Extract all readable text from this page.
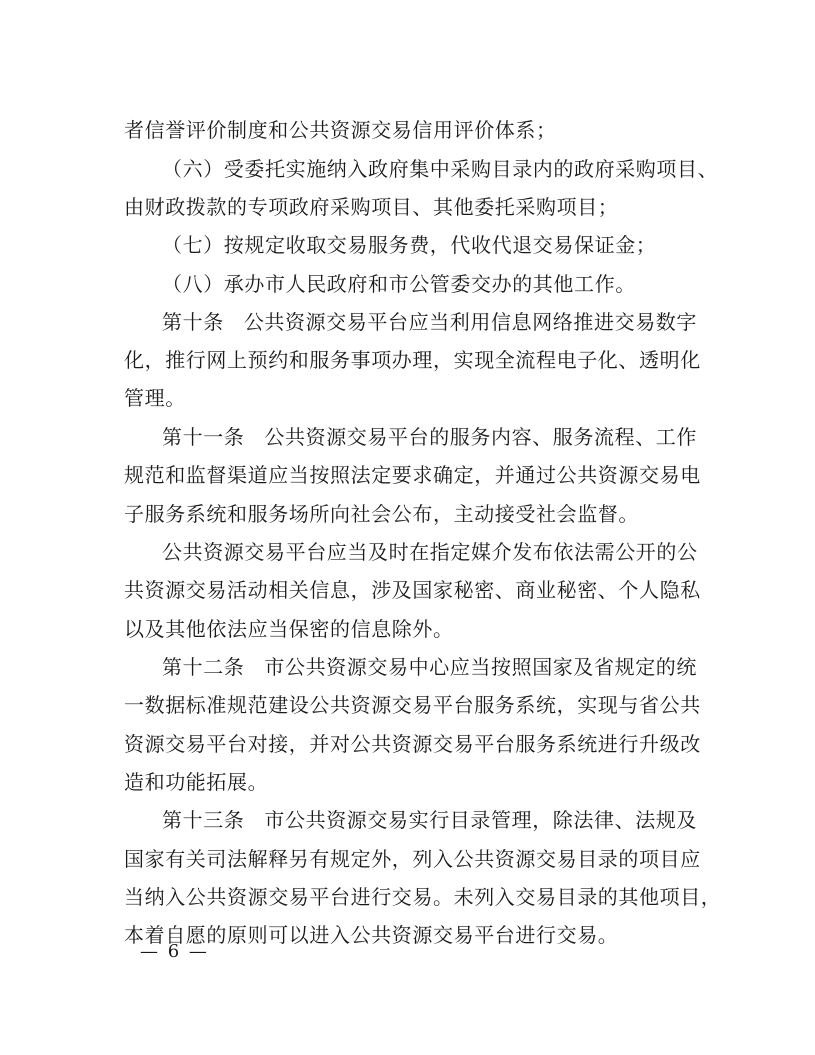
者信誉评价制度和公共资源交易信用评价体系；
（六）受委托实施纳入政府集中采购目录内的政府采购项目、
由财政拨款的专项政府采购项目、其他委托采购项目；
（七）按规定收取交易服务费，代收代退交易保证金；
（八）承办市人民政府和市公管委交办的其他工作。
第十条 公共资源交易平台应当利用信息网络推进交易数字
化，推行网上预约和服务事项办理，实现全流程电子化、透明化
管理。
第十一条 公共资源交易平台的服务内容、服务流程、工作
规范和监督渠道应当按照法定要求确定，并通过公共资源交易电
子服务系统和服务场所向社会公布，主动接受社会监督。
公共资源交易平台应当及时在指定媒介发布依法需公开的公
共资源交易活动相关信息，涉及国家秘密、商业秘密、个人隐私
以及其他依法应当保密的信息除外。
第十二条 市公共资源交易中心应当按照国家及省规定的统
一数据标准规范建设公共资源交易平台服务系统，实现与省公共
资源交易平台对接，并对公共资源交易平台服务系统进行升级改
造和功能拓展。
第十三条 市公共资源交易实行目录管理，除法律、法规及
国家有关司法解释另有规定外，列入公共资源交易目录的项目应
当纳入公共资源交易平台进行交易。未列入交易目录的其他项目，
本着自愿的原则可以进入公共资源交易平台进行交易。
— 6 —
